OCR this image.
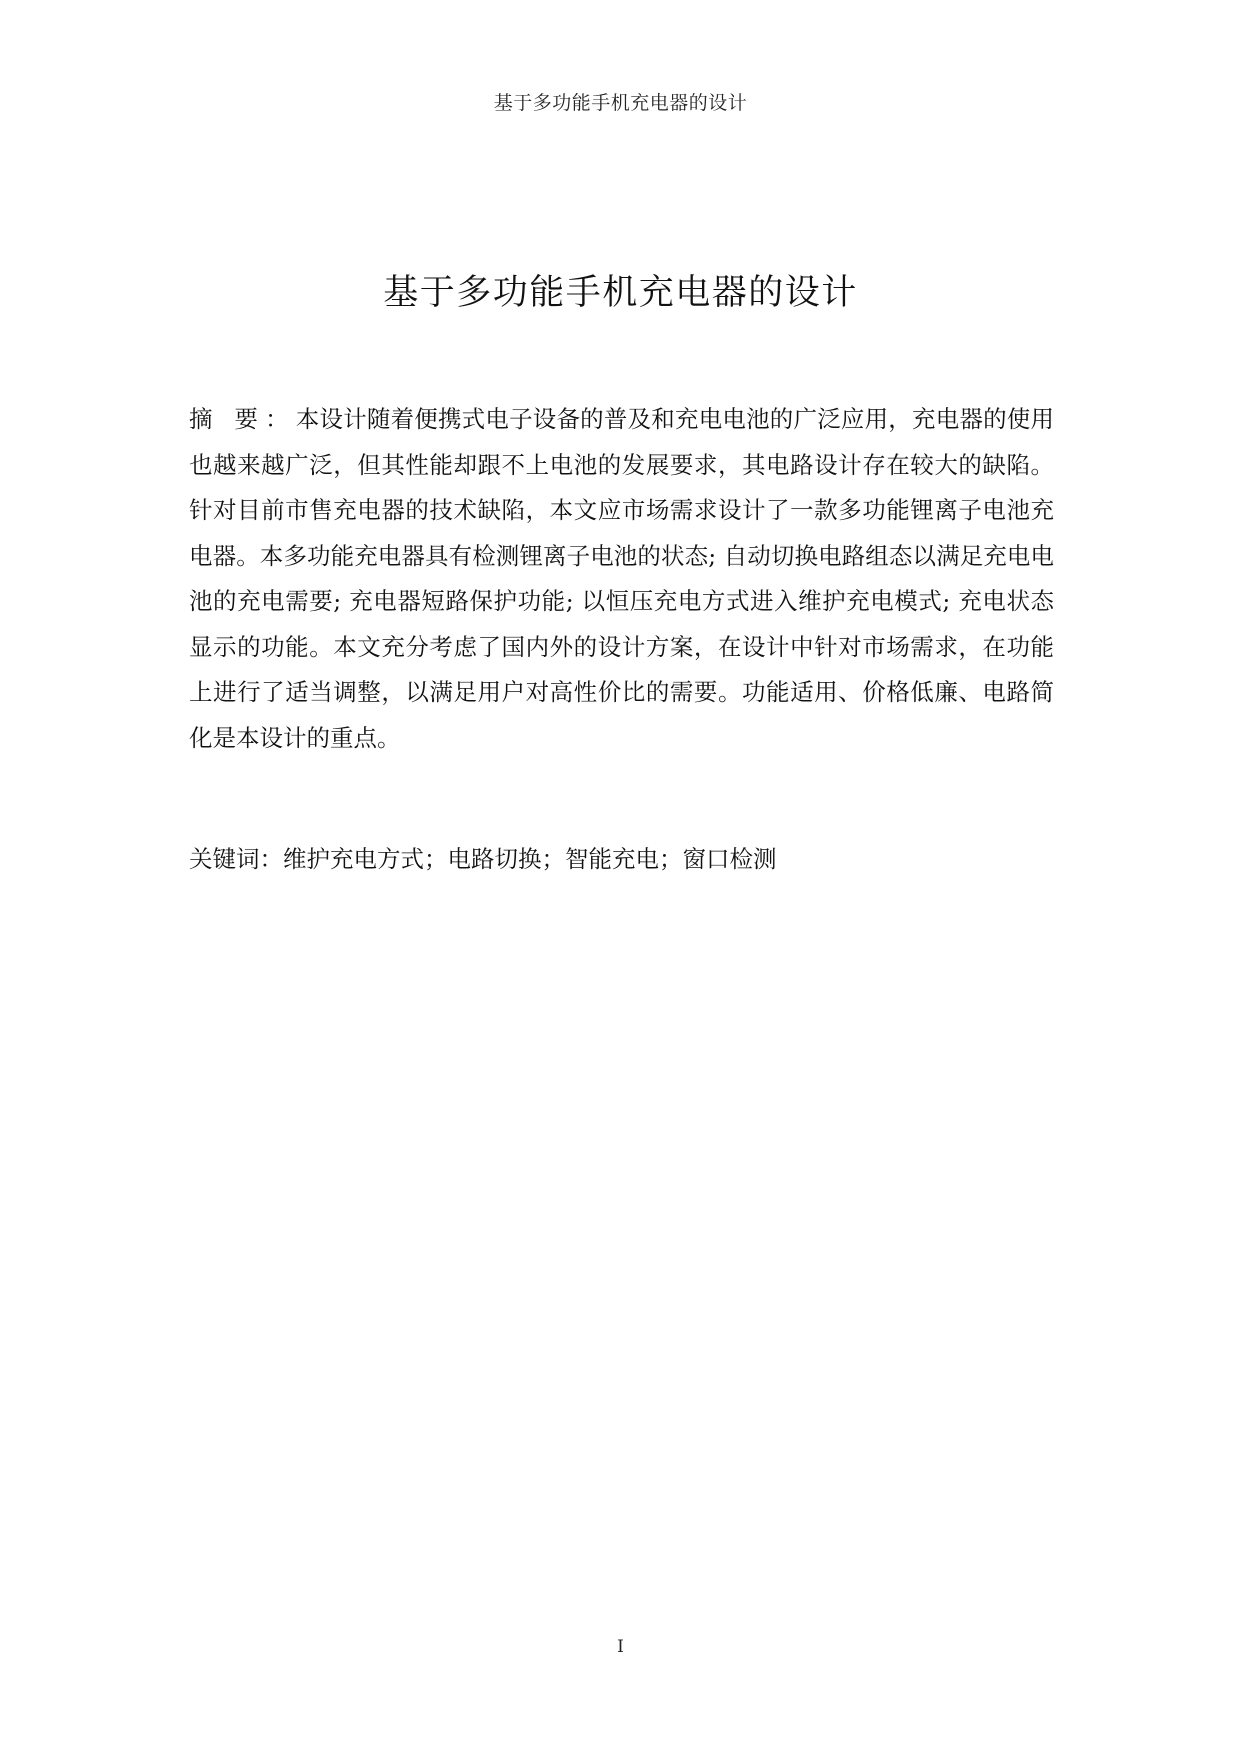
基于多功能手机充电器的设计
基于多功能手机充电器的设计

摘 要：本设计随着便携式电子设备的普及和充电电池的广泛应用，充电器的使用也越来越广泛，但其性能却跟不上电池的发展要求，其电路设计存在较大的缺陷。针对目前市售充电器的技术缺陷，本文应市场需求设计了一款多功能锂离子电池充电器。本多功能充电器具有检测锂离子电池的状态; 自动切换电路组态以满足充电电池的充电需要; 充电器短路保护功能; 以恒压充电方式进入维护充电模式; 充电状态显示的功能。本文充分考虑了国内外的设计方案，在设计中针对市场需求，在功能上进行了适当调整，以满足用户对高性价比的需要。功能适用、价格低廉、电路简化是本设计的重点。

关键词：维护充电方式；电路切换；智能充电；窗口检测

I
